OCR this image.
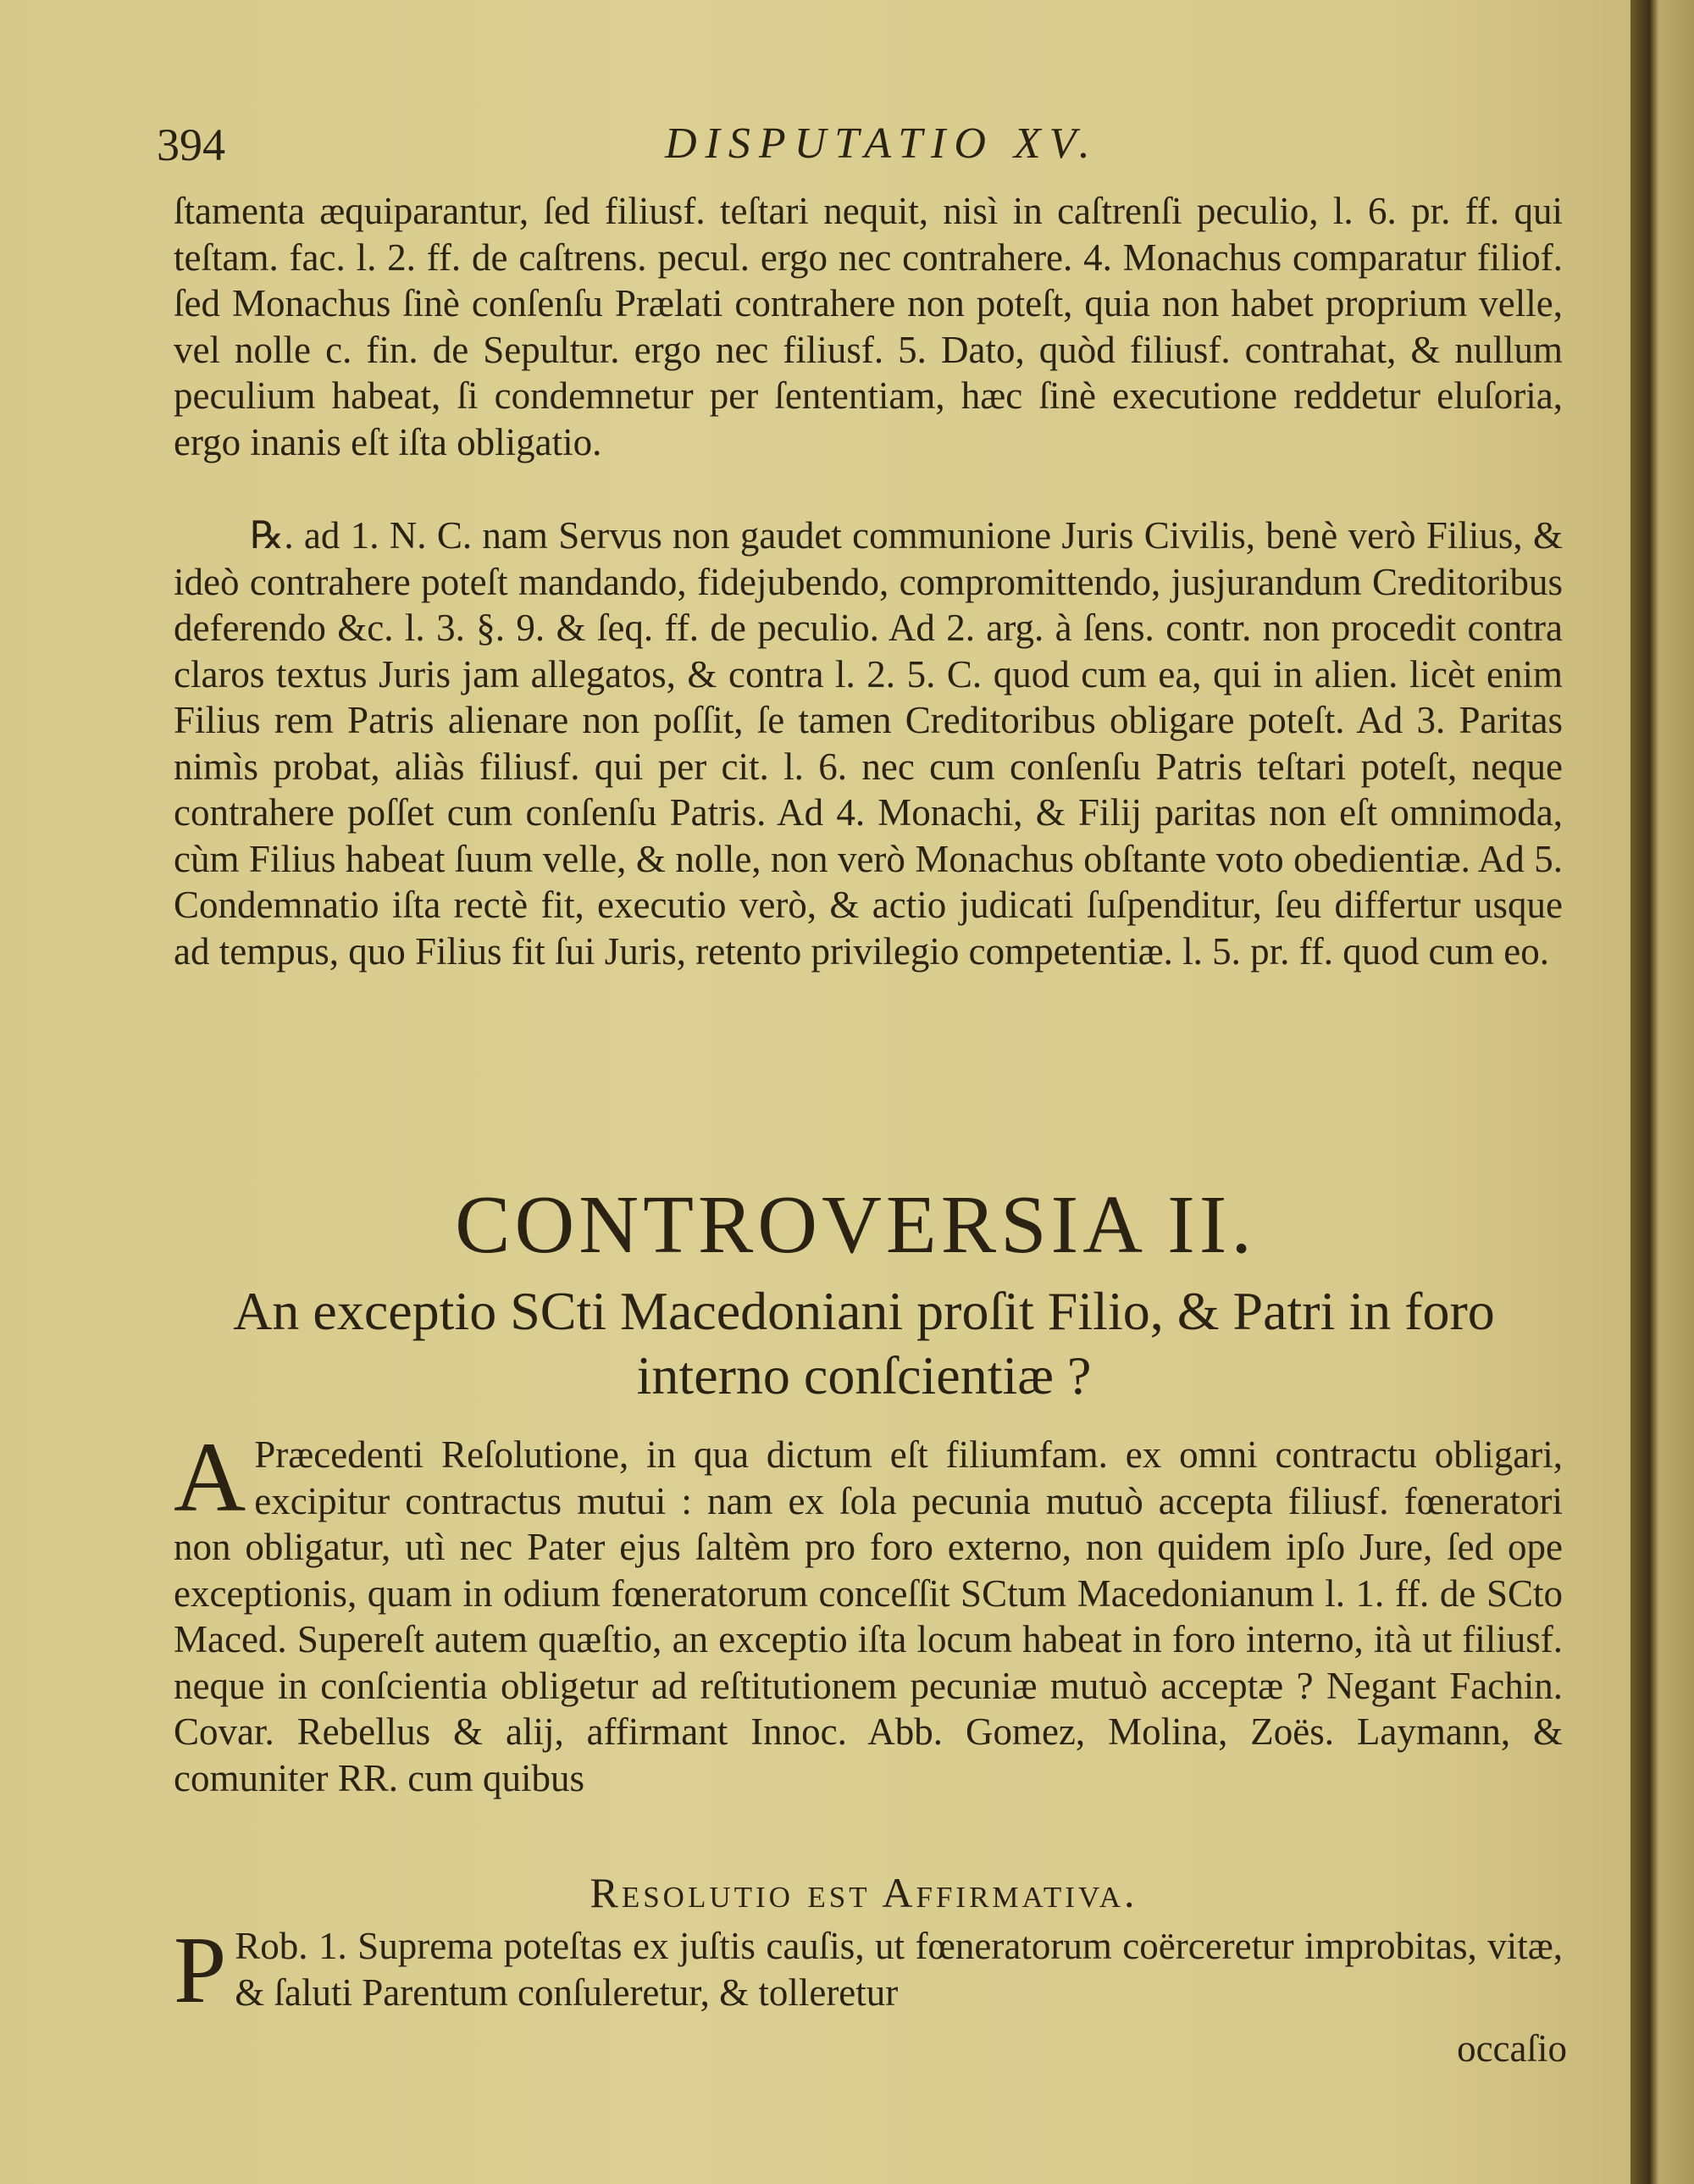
394	DISPUTATIO XV.

ſtamenta æquiparantur, ſed filiusf. teſtari nequit, nisì in caſtrenſi peculio, l. 6. pr. ff. qui teſtam. fac. l. 2. ff. de caſtrens. pecul. ergo nec contrahere. 4. Monachus comparatur filiof. ſed Monachus ſinè conſenſu Prælati contrahere non poteſt, quia non habet proprium velle, vel nolle c. fin. de Sepultur. ergo nec filiusf. 5. Dato, quòd filiusf. contrahat, & nullum peculium habeat, ſi condemnetur per ſententiam, hæc ſinè executione reddetur eluſoria, ergo inanis eſt iſta obligatio.

℞. ad 1. N. C. nam Servus non gaudet communione Juris Civilis, benè verò Filius, & ideò contrahere poteſt mandando, fidejubendo, compromittendo, jusjurandum Creditoribus deferendo &c. l. 3. §. 9. & ſeq. ff. de peculio. Ad 2. arg. à ſens. contr. non procedit contra claros textus Juris jam allegatos, & contra l. 2. 5. C. quod cum ea, qui in alien. licèt enim Filius rem Patris alienare non poſſit, ſe tamen Creditoribus obligare poteſt. Ad 3. Paritas nimìs probat, aliàs filiusf. qui per cit. l. 6. nec cum conſenſu Patris teſtari poteſt, neque contrahere poſſet cum conſenſu Patris. Ad 4. Monachi, & Filij paritas non eſt omnimoda, cùm Filius habeat ſuum velle, & nolle, non verò Monachus obſtante voto obedientiæ. Ad 5. Condemnatio iſta rectè fit, executio verò, & actio judicati ſuſpenditur, ſeu differtur usque ad tempus, quo Filius fit ſui Juris, retento privilegio competentiæ. l. 5. pr. ff. quod cum eo.

CONTROVERSIA II.
An exceptio SCti Macedoniani proſit Filio, & Patri in foro interno conſcientiæ ?
A Præcedenti Reſolutione, in qua dictum eſt filiumfam. ex omni contractu obligari, excipitur contractus mutui : nam ex ſola pecunia mutuò accepta filiusf. fœneratori non obligatur, utì nec Pater ejus ſaltèm pro foro externo, non quidem ipſo Jure, ſed ope exceptionis, quam in odium fœneratorum conceſſit SCtum Macedonianum l. 1. ff. de SCto Maced. Supereſt autem quæſtio, an exceptio iſta locum habeat in foro interno, ità ut filiusf. neque in conſcientia obligetur ad reſtitutionem pecuniæ mutuò acceptæ ? Negant Fachin. Covar. Rebellus & alij, affirmant Innoc. Abb. Gomez, Molina, Zoës. Laymann, & comuniter RR. cum quibus
Resolutio est Affirmativa.
P Rob. 1. Suprema poteſtas ex juſtis cauſis, ut fœneratorum coërceretur improbitas, vitæ, & ſaluti Parentum conſuleretur, & tolleretur
occaſio
